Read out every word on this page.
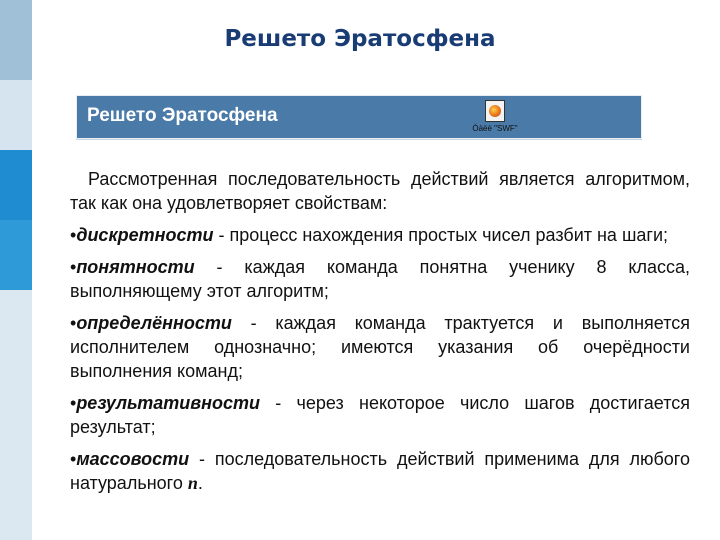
Решето Эратосфена
Решето Эратосфена
Óàëè "SWF"

Рассмотренная последовательность действий является алгоритмом, так как она удовлетворяет свойствам:

•дискретности - процесс нахождения простых чисел разбит на шаги;

•понятности - каждая команда понятна ученику 8 класса, выполняющему этот алгоритм;

•определённости - каждая команда трактуется и выполняется исполнителем однозначно; имеются указания об очерёдности выполнения команд;

•результативности - через некоторое число шагов достигается результат;

•массовости - последовательность действий применима для любого натурального n.
